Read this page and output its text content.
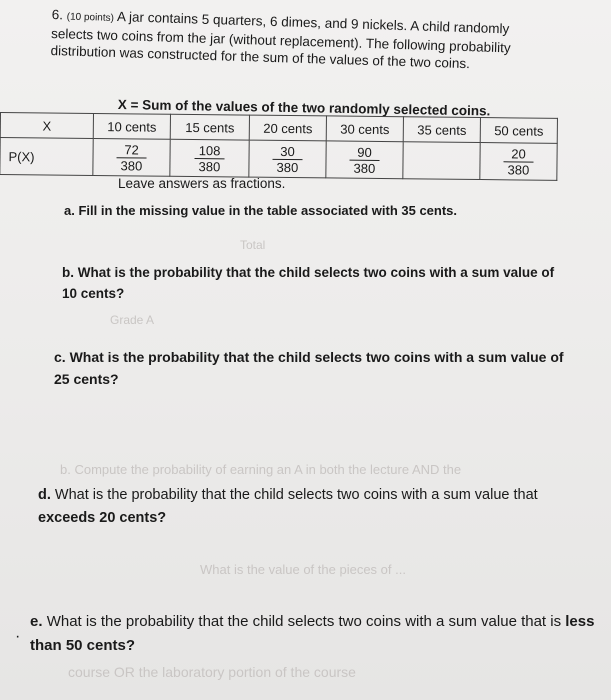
Total
Grade A
b. Compute the probability of earning an A in both the lecture AND the
What is the value of the pieces of ...
course OR the laboratory portion of the course
6. (10 points) A jar contains 5 quarters, 6 dimes, and 9 nickels. A child randomly selects two coins from the jar (without replacement). The following probability distribution was constructed for the sum of the values of the two coins.
X = Sum of the values of the two randomly selected coins.
X	10 cents	15 cents	20 cents	30 cents	35 cents	50 cents
P(X)	$\frac{72}{380}$	$\frac{108}{380}$	$\frac{30}{380}$	$\frac{90}{380}$		$\frac{20}{380}$
Leave answers as fractions.
a. Fill in the missing value in the table associated with 35 cents.
b. What is the probability that the child selects two coins with a sum value of 10 cents?
c. What is the probability that the child selects two coins with a sum value of 25 cents?
d. What is the probability that the child selects two coins with a sum value that exceeds 20 cents?
e. What is the probability that the child selects two coins with a sum value that is less than 50 cents?
·
